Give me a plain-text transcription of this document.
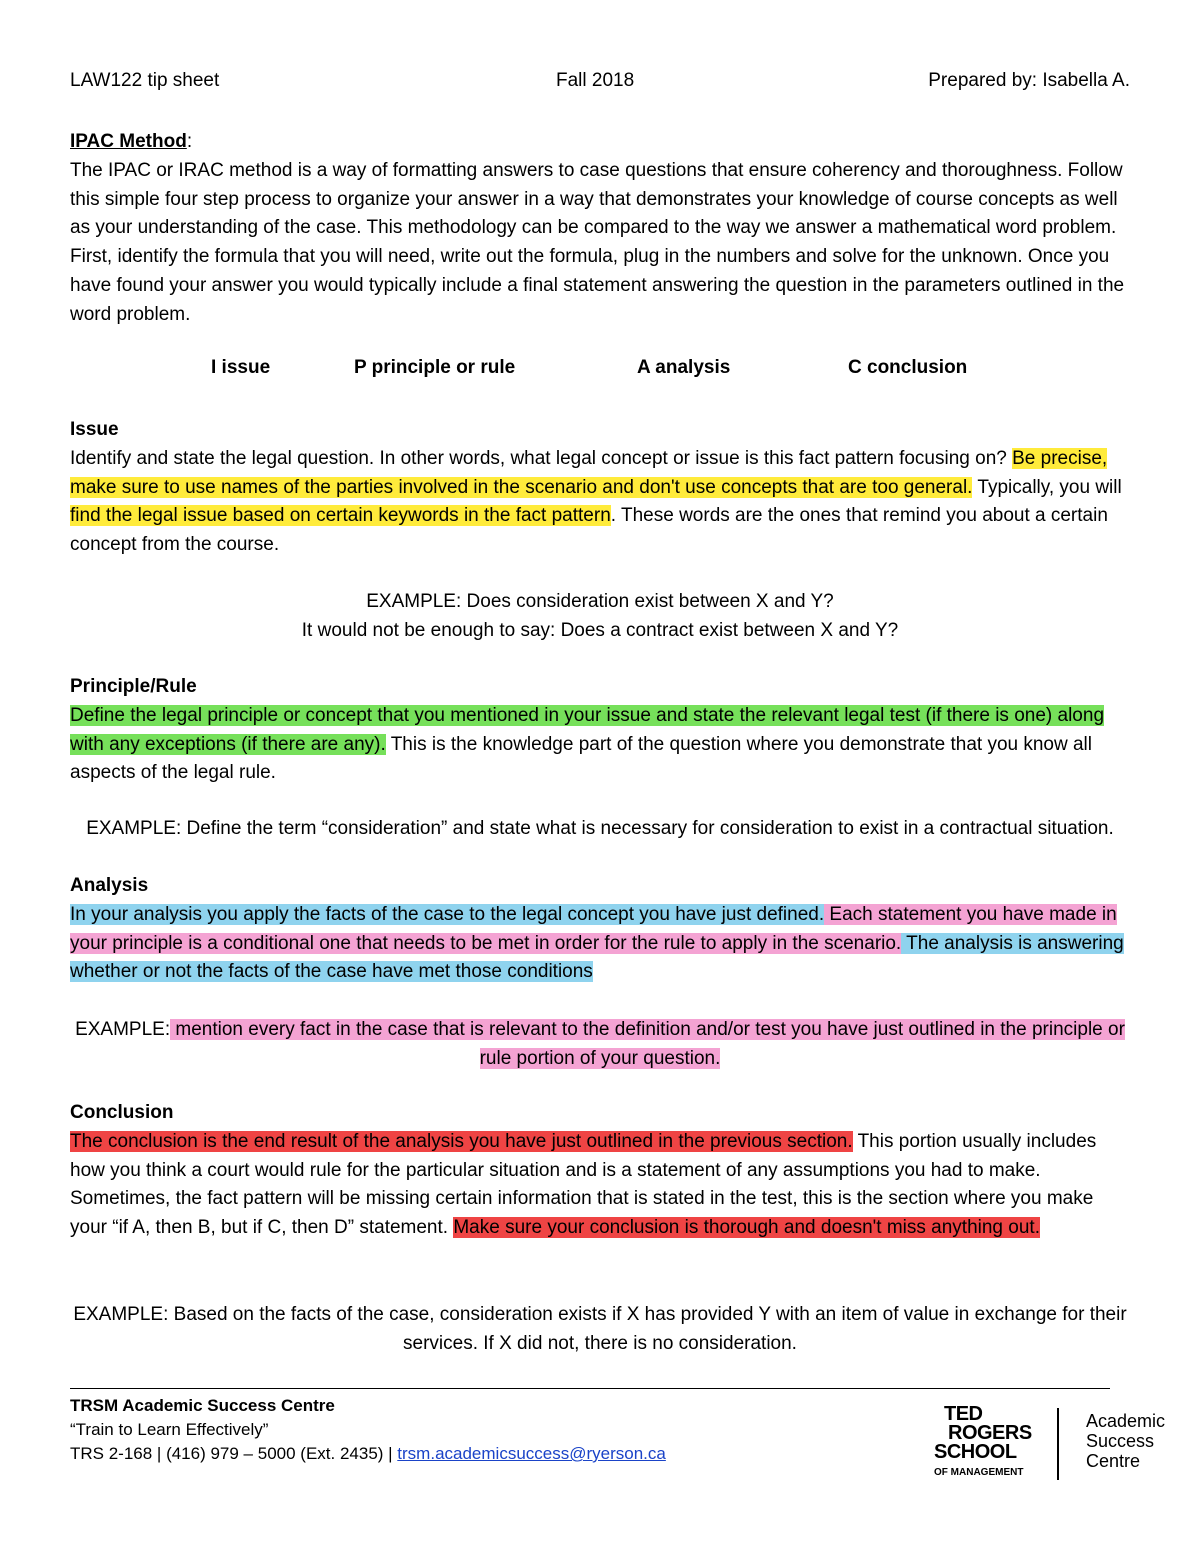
LAW122 tip sheet	Fall 2018	Prepared by: Isabella A.
IPAC Method:
The IPAC or IRAC method is a way of formatting answers to case questions that ensure coherency and thoroughness. Follow this simple four step process to organize your answer in a way that demonstrates your knowledge of course concepts as well as your understanding of the case. This methodology can be compared to the way we answer a mathematical word problem. First, identify the formula that you will need, write out the formula, plug in the numbers and solve for the unknown. Once you have found your answer you would typically include a final statement answering the question in the parameters outlined in the word problem.
I issue	P principle or rule	A analysis	C conclusion
Issue
Identify and state the legal question. In other words, what legal concept or issue is this fact pattern focusing on? Be precise, make sure to use names of the parties involved in the scenario and don't use concepts that are too general. Typically, you will find the legal issue based on certain keywords in the fact pattern. These words are the ones that remind you about a certain concept from the course.
EXAMPLE: Does consideration exist between X and Y?
It would not be enough to say: Does a contract exist between X and Y?
Principle/Rule
Define the legal principle or concept that you mentioned in your issue and state the relevant legal test (if there is one) along with any exceptions (if there are any). This is the knowledge part of the question where you demonstrate that you know all aspects of the legal rule.
EXAMPLE: Define the term “consideration” and state what is necessary for consideration to exist in a contractual situation.
Analysis
In your analysis you apply the facts of the case to the legal concept you have just defined. Each statement you have made in your principle is a conditional one that needs to be met in order for the rule to apply in the scenario. The analysis is answering whether or not the facts of the case have met those conditions
EXAMPLE: mention every fact in the case that is relevant to the definition and/or test you have just outlined in the principle or rule portion of your question.
Conclusion
The conclusion is the end result of the analysis you have just outlined in the previous section. This portion usually includes how you think a court would rule for the particular situation and is a statement of any assumptions you had to make. Sometimes, the fact pattern will be missing certain information that is stated in the test, this is the section where you make your “if A, then B, but if C, then D” statement. Make sure your conclusion is thorough and doesn't miss anything out.
EXAMPLE: Based on the facts of the case, consideration exists if X has provided Y with an item of value in exchange for their services. If X did not, there is no consideration.
TRSM Academic Success Centre
“Train to Learn Effectively”
TRS 2-168 | (416) 979 – 5000 (Ext. 2435) | trsm.academicsuccess@ryerson.ca
TED
ROGERS
SCHOOL
OF MANAGEMENT
Academic
Success
Centre
